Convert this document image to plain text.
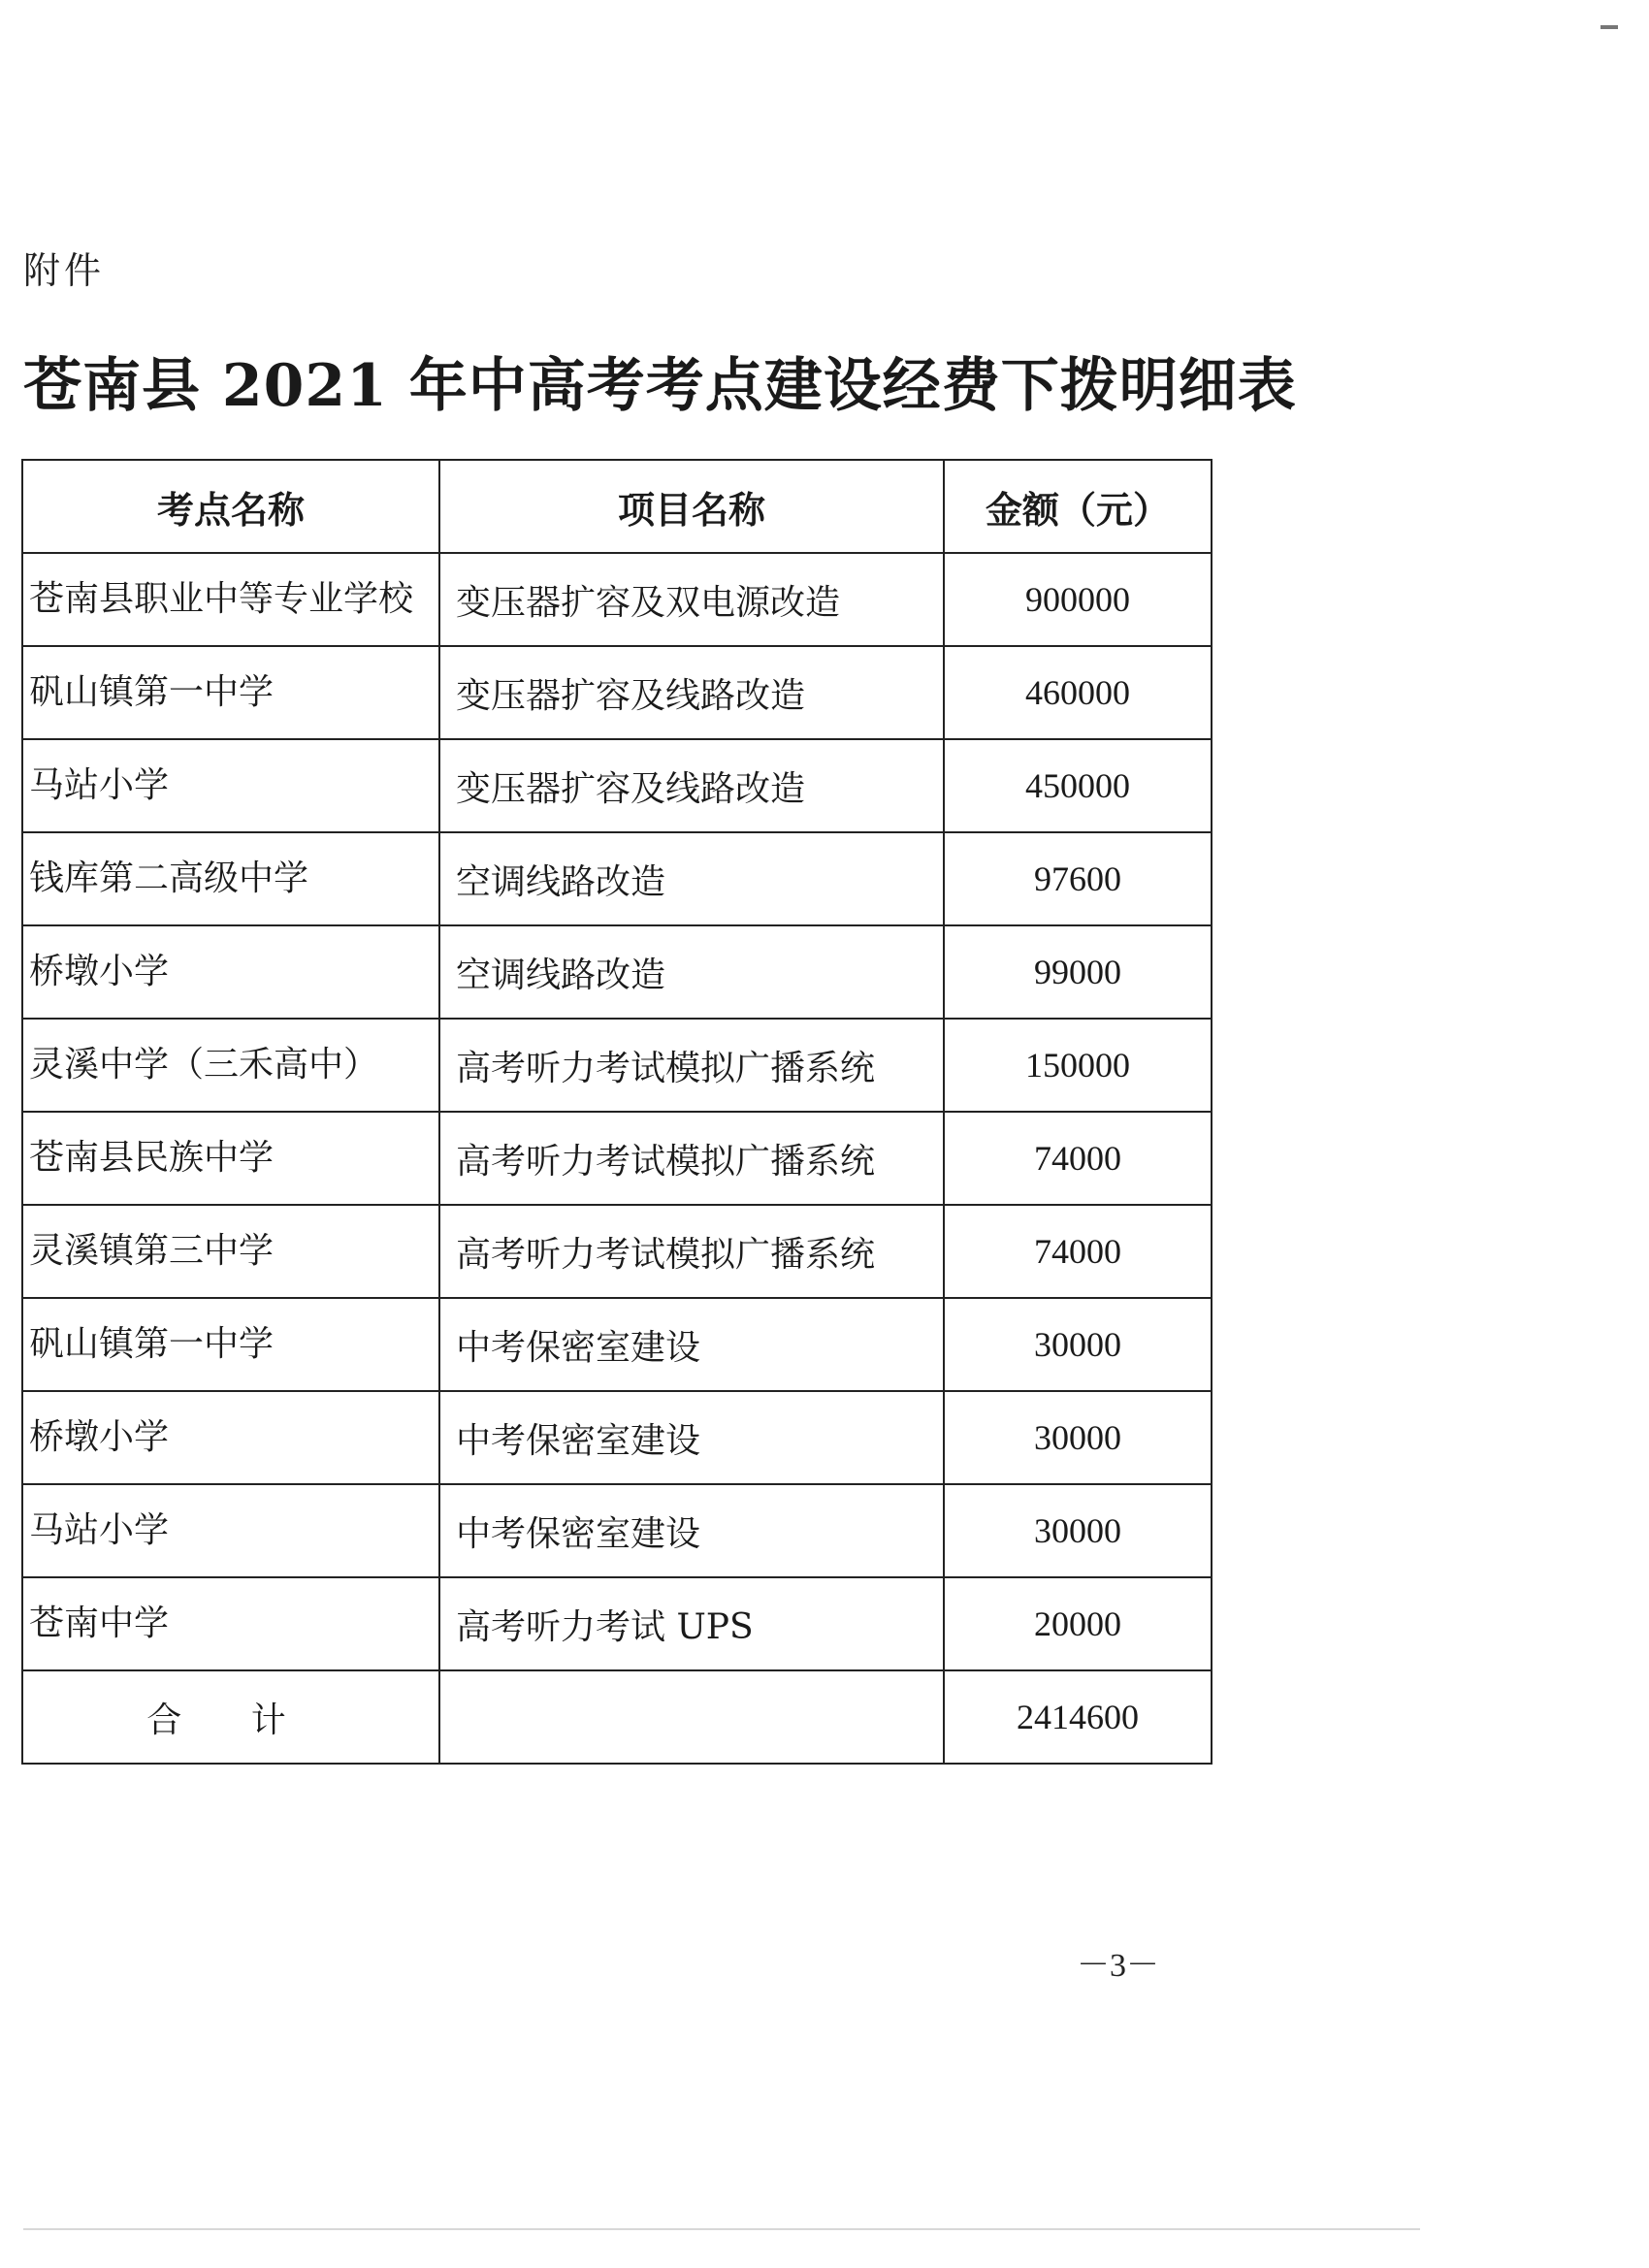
附件
苍南县 2021 年中高考考点建设经费下拨明细表
考点名称	项目名称	金额（元）
苍南县职业中等专业学校	变压器扩容及双电源改造	900000
矾山镇第一中学	变压器扩容及线路改造	460000
马站小学	变压器扩容及线路改造	450000
钱库第二高级中学	空调线路改造	97600
桥墩小学	空调线路改造	99000
灵溪中学（三禾高中）	高考听力考试模拟广播系统	150000
苍南县民族中学	高考听力考试模拟广播系统	74000
灵溪镇第三中学	高考听力考试模拟广播系统	74000
矾山镇第一中学	中考保密室建设	30000
桥墩小学	中考保密室建设	30000
马站小学	中考保密室建设	30000
苍南中学	高考听力考试 UPS	20000
合 计		2414600
－3－
